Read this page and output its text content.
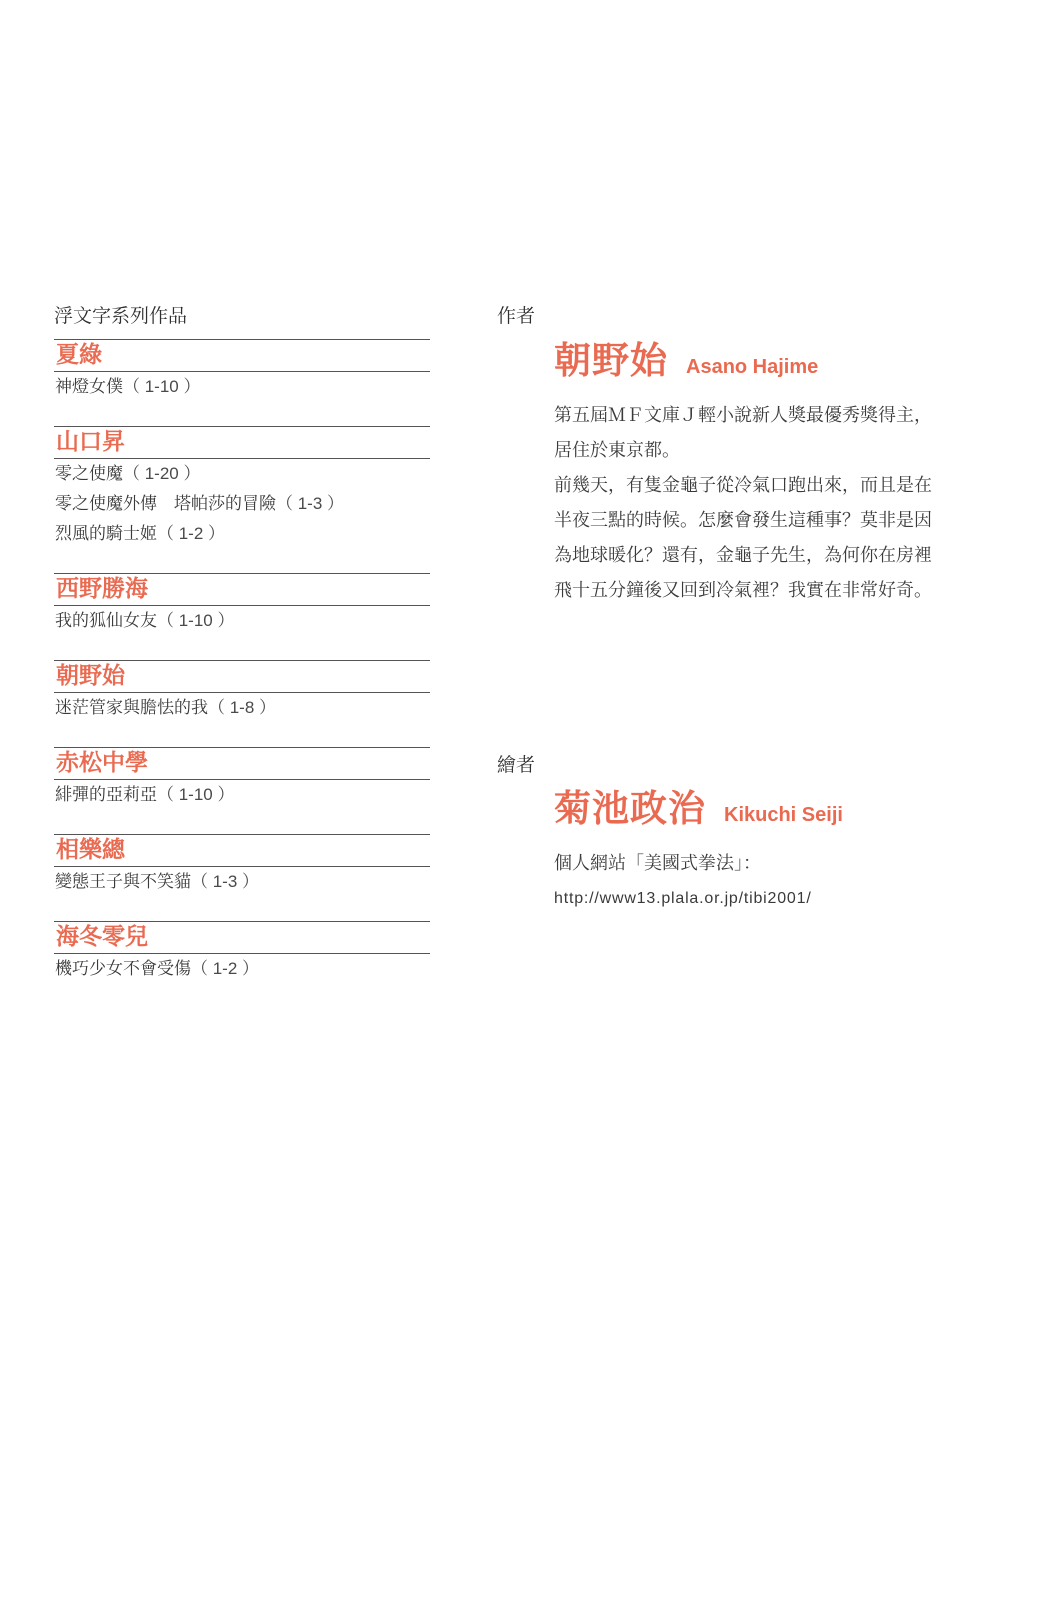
浮文字系列作品
夏綠
神燈女僕（ 1-10 ）
山口昇
零之使魔（ 1-20 ）
零之使魔外傳　塔帕莎的冒險（ 1-3 ）
烈風的騎士姬（ 1-2 ）
西野勝海
我的狐仙女友（ 1-10 ）
朝野始
迷茫管家與膽怯的我（ 1-8 ）
赤松中學
緋彈的亞莉亞（ 1-10 ）
相樂總
變態王子與不笑貓（ 1-3 ）
海冬零兒
機巧少女不會受傷（ 1-2 ）
作者
朝野始 Asano Hajime

第五屆ＭＦ文庫Ｊ輕小說新人獎最優秀獎得主，

居住於東京都。

前幾天，有隻金龜子從冷氣口跑出來，而且是在

半夜三點的時候。怎麼會發生這種事？莫非是因

為地球暖化？還有，金龜子先生，為何你在房裡

飛十五分鐘後又回到冷氣裡？我實在非常好奇。

繪者
菊池政治 Kikuchi Seiji

個人網站「美國式拳法」：

http://www13.plala.or.jp/tibi2001/
